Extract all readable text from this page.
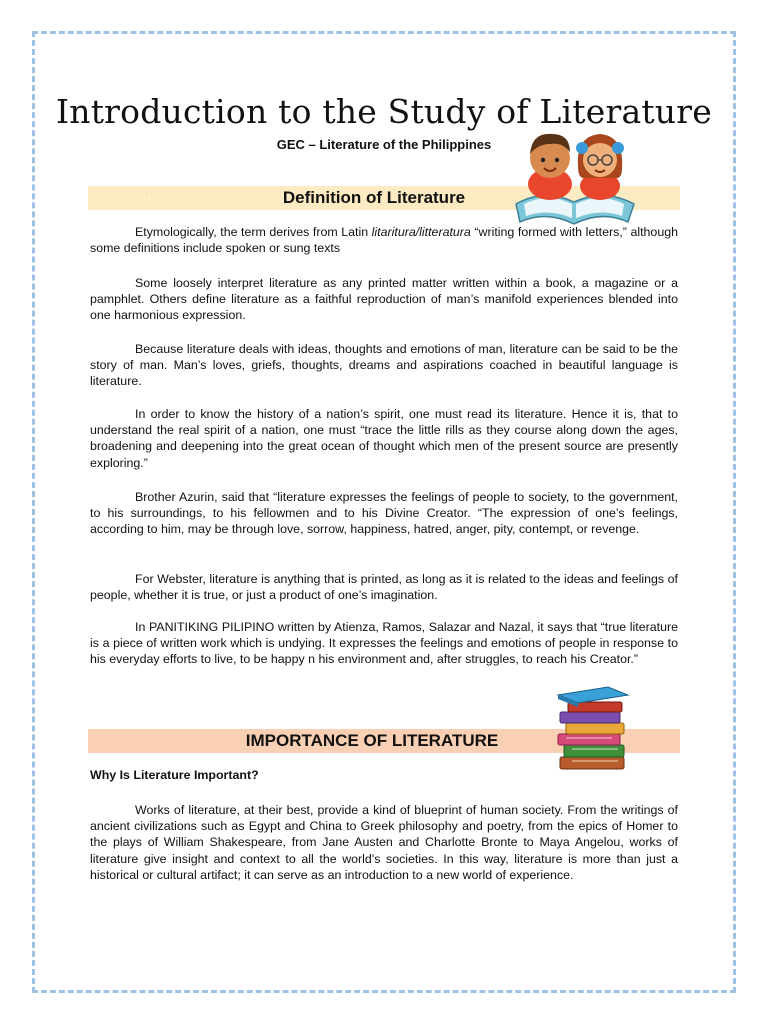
Introduction to the Study of Literature
GEC – Literature of the Philippines
Definition of Literature
'

Etymologically, the term derives from Latin litaritura/litteratura “writing formed with letters,” although some definitions include spoken or sung texts

Some loosely interpret literature as any printed matter written within a book, a magazine or a pamphlet. Others define literature as a faithful reproduction of man’s manifold experiences blended into one harmonious expression.

Because literature deals with ideas, thoughts and emotions of man, literature can be said to be the story of man. Man’s loves, griefs, thoughts, dreams and aspirations coached in beautiful language is literature.

In order to know the history of a nation’s spirit, one must read its literature. Hence it is, that to understand the real spirit of a nation, one must “trace the little rills as they course along down the ages, broadening and deepening into the great ocean of thought which men of the present source are presently exploring.”

Brother Azurin, said that “literature expresses the feelings of people to society, to the government, to his surroundings, to his fellowmen and to his Divine Creator. “The expression of one’s feelings, according to him, may be through love, sorrow, happiness, hatred, anger, pity, contempt, or revenge.

For Webster, literature is anything that is printed, as long as it is related to the ideas and feelings of people, whether it is true, or just a product of one’s imagination.

In PANITIKING PILIPINO written by Atienza, Ramos, Salazar and Nazal, it says that “true literature is a piece of written work which is undying. It expresses the feelings and emotions of people in response to his everyday efforts to live, to be happy n his environment and, after struggles, to reach his Creator.”

IMPORTANCE OF LITERATURE
Why Is Literature Important?

Works of literature, at their best, provide a kind of blueprint of human society. From the writings of ancient civilizations such as Egypt and China to Greek philosophy and poetry, from the epics of Homer to the plays of William Shakespeare, from Jane Austen and Charlotte Bronte to Maya Angelou, works of literature give insight and context to all the world's societies. In this way, literature is more than just a historical or cultural artifact; it can serve as an introduction to a new world of experience.
